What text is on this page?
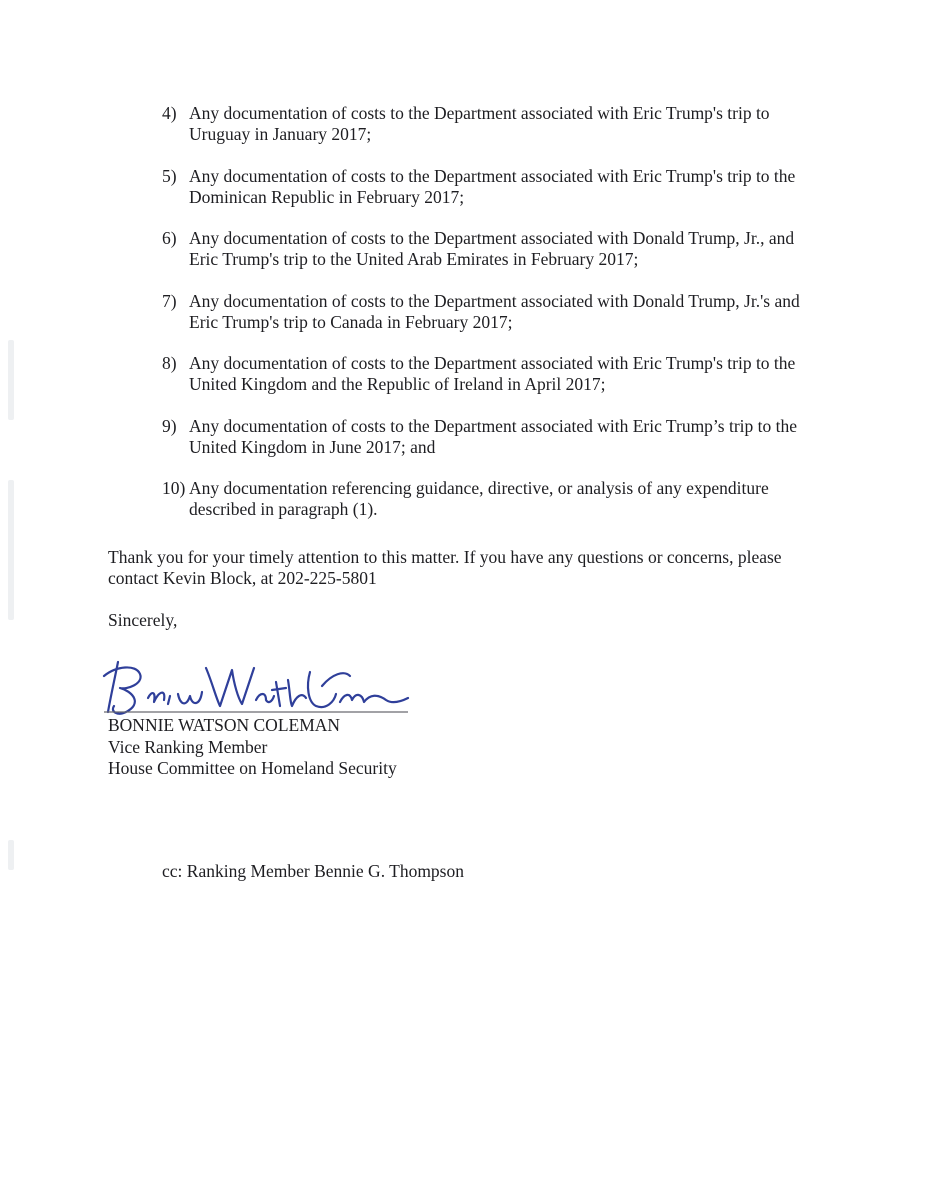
4) Any documentation of costs to the Department associated with Eric Trump's trip to Uruguay in January 2017;
5) Any documentation of costs to the Department associated with Eric Trump's trip to the Dominican Republic in February 2017;
6) Any documentation of costs to the Department associated with Donald Trump, Jr., and Eric Trump's trip to the United Arab Emirates in February 2017;
7) Any documentation of costs to the Department associated with Donald Trump, Jr.'s and Eric Trump's trip to Canada in February 2017;
8) Any documentation of costs to the Department associated with Eric Trump's trip to the United Kingdom and the Republic of Ireland in April 2017;
9) Any documentation of costs to the Department associated with Eric Trump’s trip to the United Kingdom in June 2017; and
10) Any documentation referencing guidance, directive, or analysis of any expenditure described in paragraph (1).

Thank you for your timely attention to this matter. If you have any questions or concerns, please contact Kevin Block, at 202-225-5801

Sincerely,

BONNIE WATSON COLEMAN
Vice Ranking Member
House Committee on Homeland Security

cc: Ranking Member Bennie G. Thompson
